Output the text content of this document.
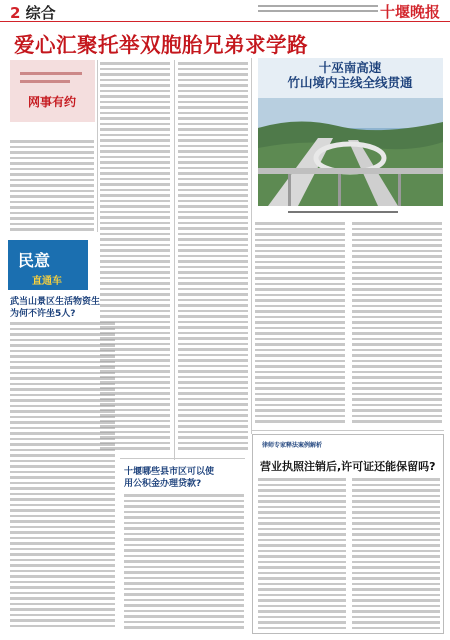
2 综合	十堰晚报
爱心汇聚托举双胞胎兄弟求学路
网事有约
民意
直通车
武当山景区生活物资生
为何不许坐5人?
十堰哪些县市区可以使
用公积金办理贷款?
十巫南高速
竹山境内主线全线贯通
律师专家释法案例解析
营业执照注销后,许可证还能保留吗?
